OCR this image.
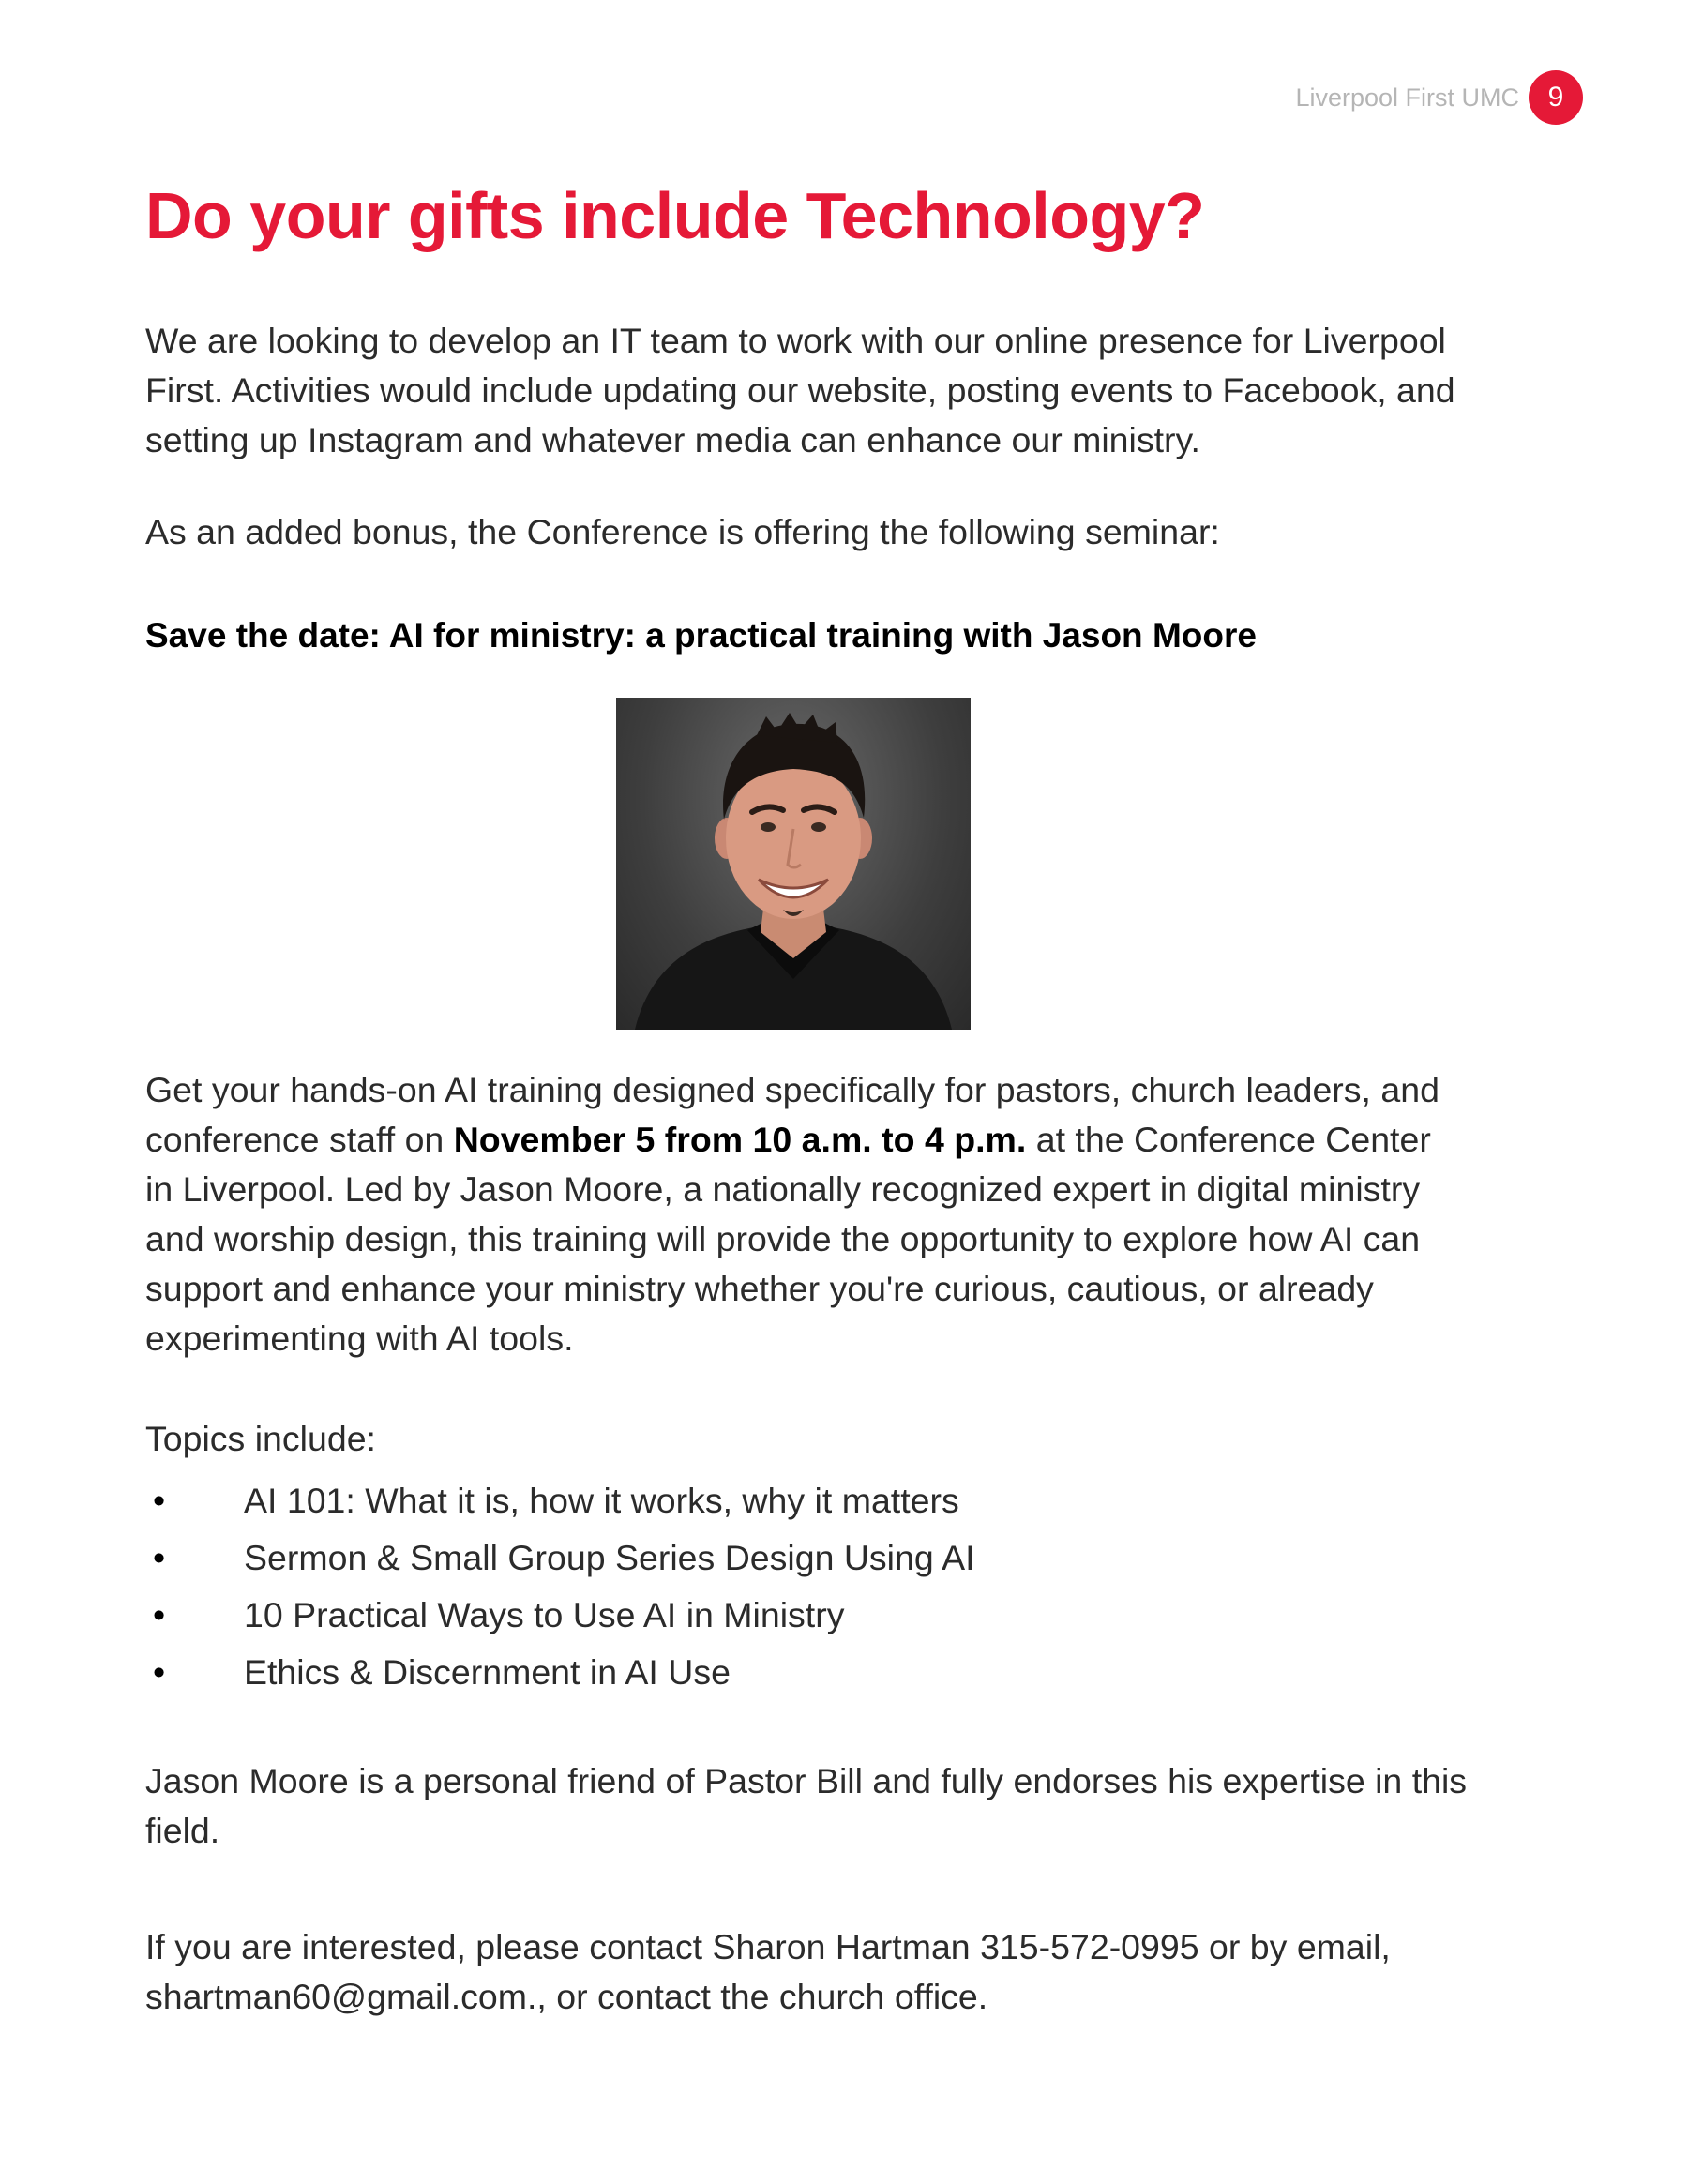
Liverpool First UMC	9
Do your gifts include Technology?

We are looking to develop an IT team to work with our online presence for Liverpool
First. Activities would include updating our website, posting events to Facebook, and
setting up Instagram and whatever media can enhance our ministry.

As an added bonus, the Conference is offering the following seminar:

Save the date: AI for ministry: a practical training with Jason Moore

Get your hands-on AI training designed specifically for pastors, church leaders, and
conference staff on November 5 from 10 a.m. to 4 p.m. at the Conference Center
in Liverpool. Led by Jason Moore, a nationally recognized expert in digital ministry
and worship design, this training will provide the opportunity to explore how AI can
support and enhance your ministry whether you're curious, cautious, or already
experimenting with AI tools.

Topics include:

• AI 101: What it is, how it works, why it matters
• Sermon & Small Group Series Design Using AI
• 10 Practical Ways to Use AI in Ministry
• Ethics & Discernment in AI Use

Jason Moore is a personal friend of Pastor Bill and fully endorses his expertise in this
field.

If you are interested, please contact Sharon Hartman 315-572-0995 or by email,
shartman60@gmail.com., or contact the church office.
